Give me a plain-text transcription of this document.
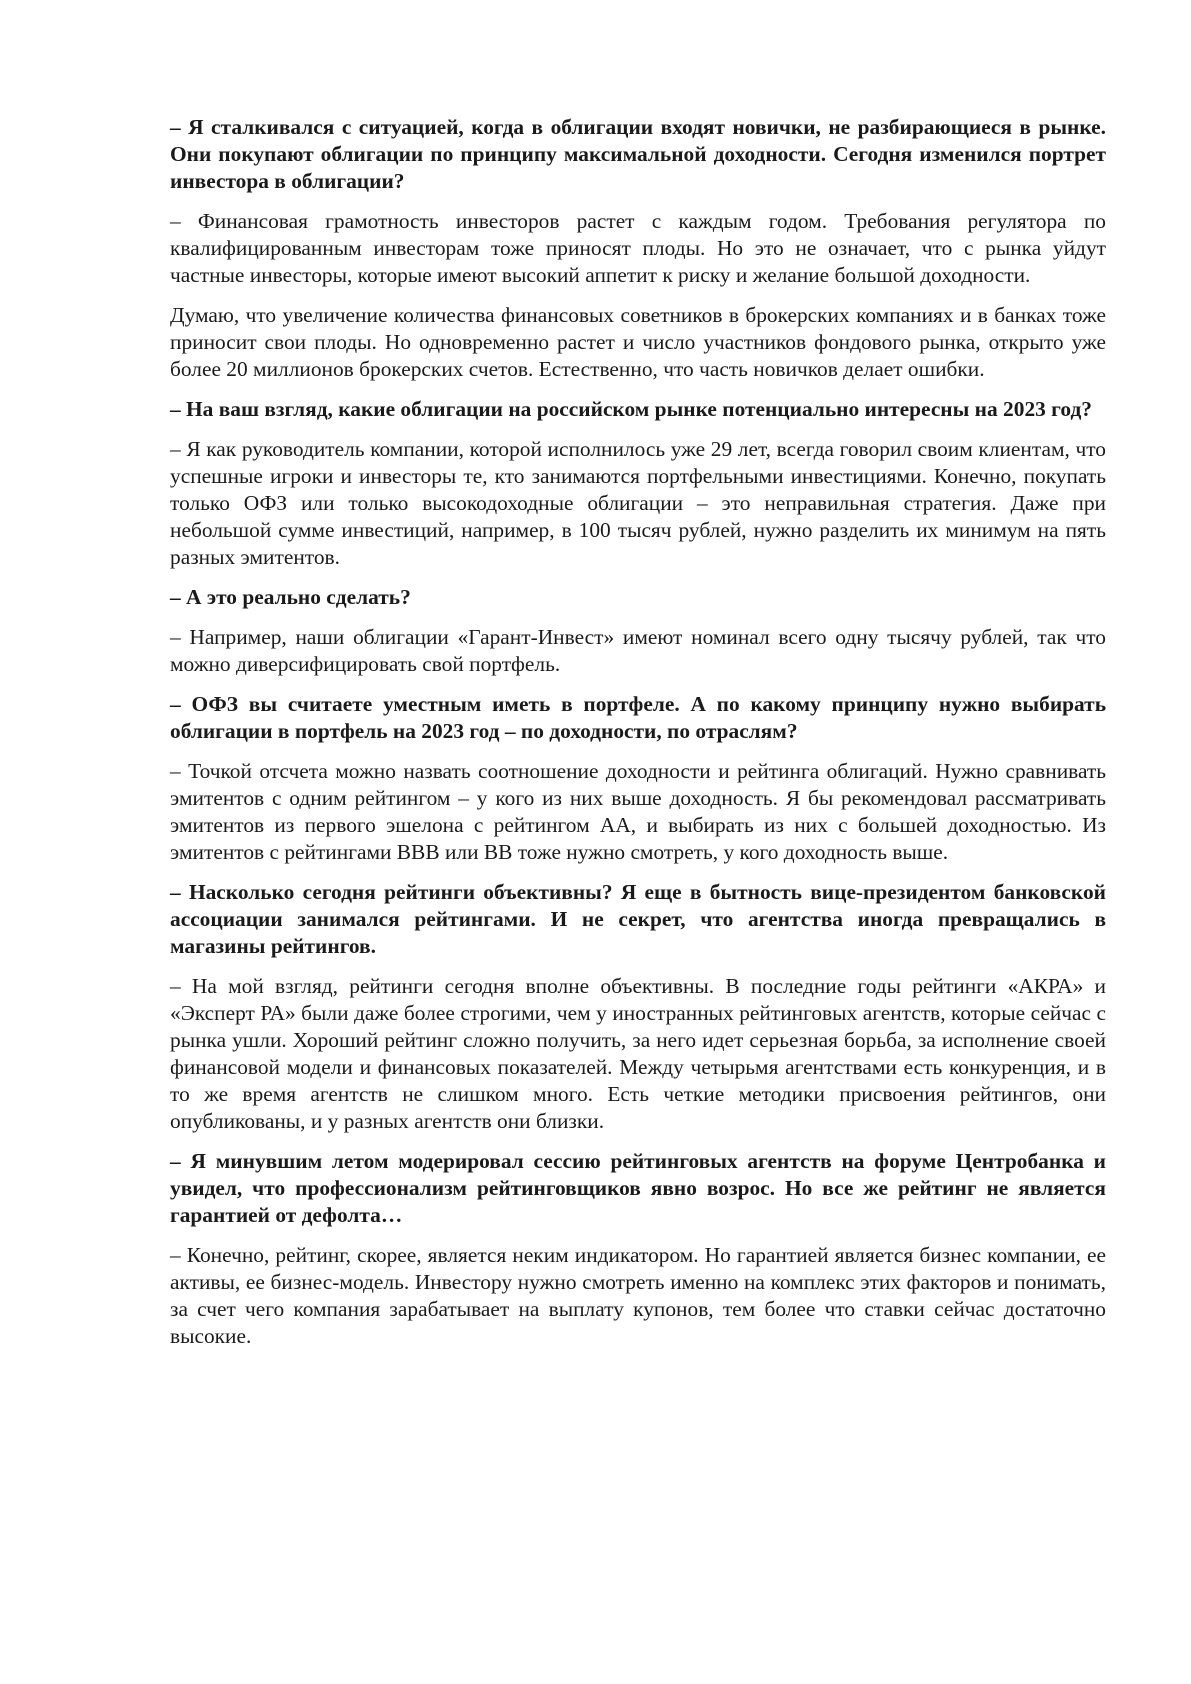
– Я сталкивался с ситуацией, когда в облигации входят новички, не разбирающиеся в рынке. Они покупают облигации по принципу максимальной доходности. Сегодня изменился портрет инвестора в облигации?

– Финансовая грамотность инвесторов растет с каждым годом. Требования регулятора по квалифицированным инвесторам тоже приносят плоды. Но это не означает, что с рынка уйдут частные инвесторы, которые имеют высокий аппетит к риску и желание большой доходности.

Думаю, что увеличение количества финансовых советников в брокерских компаниях и в банках тоже приносит свои плоды. Но одновременно растет и число участников фондового рынка, открыто уже более 20 миллионов брокерских счетов. Естественно, что часть новичков делает ошибки.

– На ваш взгляд, какие облигации на российском рынке потенциально интересны на 2023 год?

– Я как руководитель компании, которой исполнилось уже 29 лет, всегда говорил своим клиентам, что успешные игроки и инвесторы те, кто занимаются портфельными инвестициями. Конечно, покупать только ОФЗ или только высокодоходные облигации – это неправильная стратегия. Даже при небольшой сумме инвестиций, например, в 100 тысяч рублей, нужно разделить их минимум на пять разных эмитентов.

– А это реально сделать?

– Например, наши облигации «Гарант-Инвест» имеют номинал всего одну тысячу рублей, так что можно диверсифицировать свой портфель.

– ОФЗ вы считаете уместным иметь в портфеле. А по какому принципу нужно выбирать облигации в портфель на 2023 год – по доходности, по отраслям?

– Точкой отсчета можно назвать соотношение доходности и рейтинга облигаций. Нужно сравнивать эмитентов с одним рейтингом – у кого из них выше доходность. Я бы рекомендовал рассматривать эмитентов из первого эшелона с рейтингом АА, и выбирать из них с большей доходностью. Из эмитентов с рейтингами ВВВ или ВВ тоже нужно смотреть, у кого доходность выше.

– Насколько сегодня рейтинги объективны? Я еще в бытность вице-президентом банковской ассоциации занимался рейтингами. И не секрет, что агентства иногда превращались в магазины рейтингов.

– На мой взгляд, рейтинги сегодня вполне объективны. В последние годы рейтинги «АКРА» и «Эксперт РА» были даже более строгими, чем у иностранных рейтинговых агентств, которые сейчас с рынка ушли. Хороший рейтинг сложно получить, за него идет серьезная борьба, за исполнение своей финансовой модели и финансовых показателей. Между четырьмя агентствами есть конкуренция, и в то же время агентств не слишком много. Есть четкие методики присвоения рейтингов, они опубликованы, и у разных агентств они близки.

– Я минувшим летом модерировал сессию рейтинговых агентств на форуме Центробанка и увидел, что профессионализм рейтинговщиков явно возрос. Но все же рейтинг не является гарантией от дефолта…

– Конечно, рейтинг, скорее, является неким индикатором. Но гарантией является бизнес компании, ее активы, ее бизнес-модель. Инвестору нужно смотреть именно на комплекс этих факторов и понимать, за счет чего компания зарабатывает на выплату купонов, тем более что ставки сейчас достаточно высокие.
